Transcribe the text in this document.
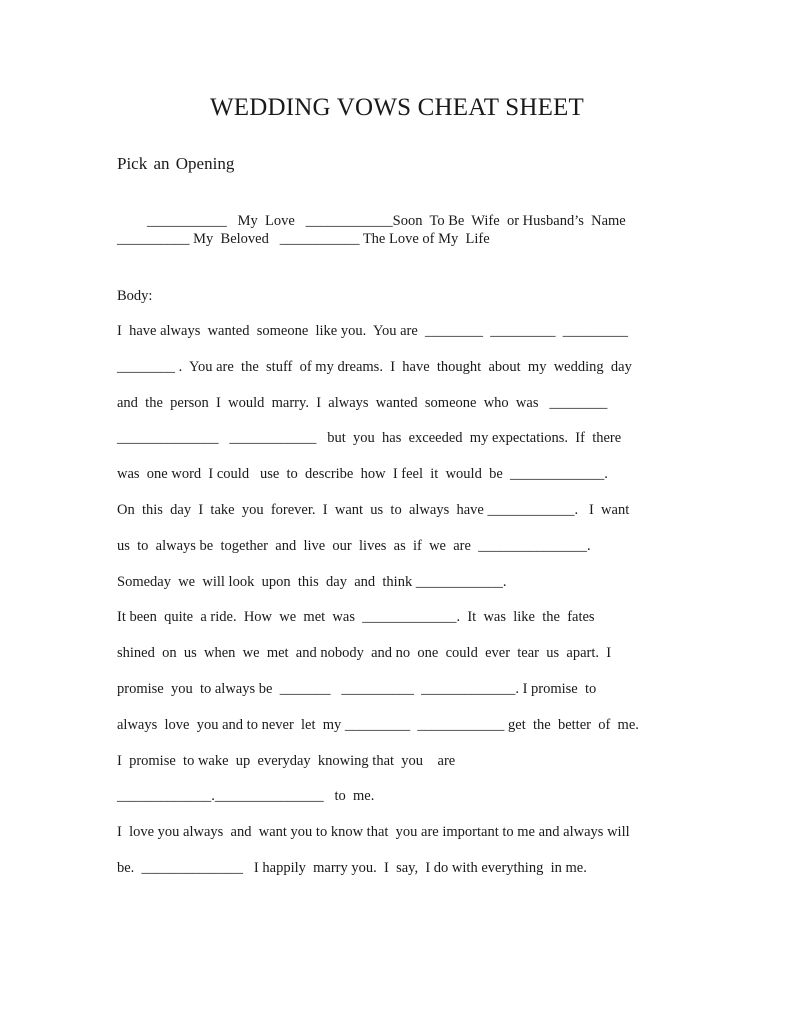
WEDDING VOWS CHEAT SHEET
Pick an Opening
___________   My  Love   ____________Soon  To Be  Wife  or Husband’s  Name
__________ My  Beloved   ___________ The Love of My  Life
Body:
I  have always  wanted  someone  like you.  You are  ________  _________  _________
________ .  You are  the  stuff  of my dreams.  I  have  thought  about  my  wedding  day
and  the  person  I  would  marry.  I  always  wanted  someone  who  was   ________
______________   ____________   but  you  has  exceeded  my expectations.  If  there
was  one word  I could   use  to  describe  how  I feel  it  would  be  _____________.
On  this  day  I  take  you  forever.  I  want  us  to  always  have ____________.   I  want
us  to  always be  together  and  live  our  lives  as  if  we  are  _______________.
Someday  we  will look  upon  this  day  and  think ____________.
It been  quite  a ride.  How  we  met  was  _____________.  It  was  like  the  fates
shined  on  us  when  we  met  and nobody  and no  one  could  ever  tear  us  apart.  I
promise  you  to always be  _______   __________  _____________. I promise  to
always  love  you and to never  let  my _________  ____________ get  the  better  of  me.
I  promise  to wake  up  everyday  knowing that  you    are
_____________._______________   to  me.
I  love you always  and  want you to know that  you are important to me and always will
be.  ______________   I happily  marry you.  I  say,  I do with everything  in me.
